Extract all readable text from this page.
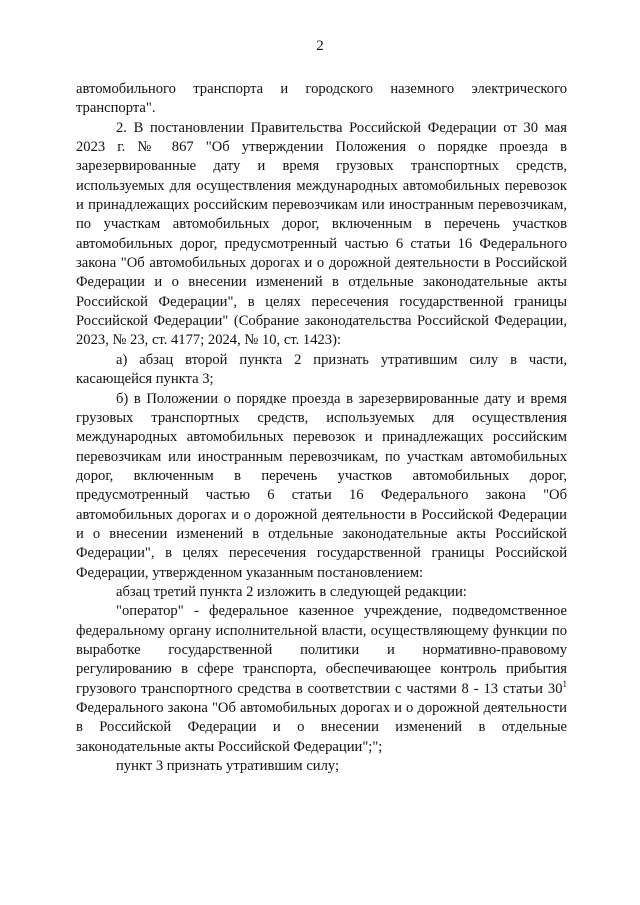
2

автомобильного транспорта и городского наземного электрического транспорта".

2. В постановлении Правительства Российской Федерации от 30 мая 2023 г. № 867 "Об утверждении Положения о порядке проезда в зарезервированные дату и время грузовых транспортных средств, используемых для осуществления международных автомобильных перевозок и принадлежащих российским перевозчикам или иностранным перевозчикам, по участкам автомобильных дорог, включенным в перечень участков автомобильных дорог, предусмотренный частью 6 статьи 16 Федерального закона "Об автомобильных дорогах и о дорожной деятельности в Российской Федерации и о внесении изменений в отдельные законодательные акты Российской Федерации", в целях пересечения государственной границы Российской Федерации" (Собрание законодательства Российской Федерации, 2023, № 23, ст. 4177; 2024, № 10, ст. 1423):

а) абзац второй пункта 2 признать утратившим силу в части, касающейся пункта 3;

б) в Положении о порядке проезда в зарезервированные дату и время грузовых транспортных средств, используемых для осуществления международных автомобильных перевозок и принадлежащих российским перевозчикам или иностранным перевозчикам, по участкам автомобильных дорог, включенным в перечень участков автомобильных дорог, предусмотренный частью 6 статьи 16 Федерального закона "Об автомобильных дорогах и о дорожной деятельности в Российской Федерации и о внесении изменений в отдельные законодательные акты Российской Федерации", в целях пересечения государственной границы Российской Федерации, утвержденном указанным постановлением:

абзац третий пункта 2 изложить в следующей редакции:

"оператор" - федеральное казенное учреждение, подведомственное федеральному органу исполнительной власти, осуществляющему функции по выработке государственной политики и нормативно-правовому регулированию в сфере транспорта, обеспечивающее контроль прибытия грузового транспортного средства в соответствии с частями 8 - 13 статьи $30^1$ Федерального закона "Об автомобильных дорогах и о дорожной деятельности в Российской Федерации и о внесении изменений в отдельные законодательные акты Российской Федерации";";

пункт 3 признать утратившим силу;
